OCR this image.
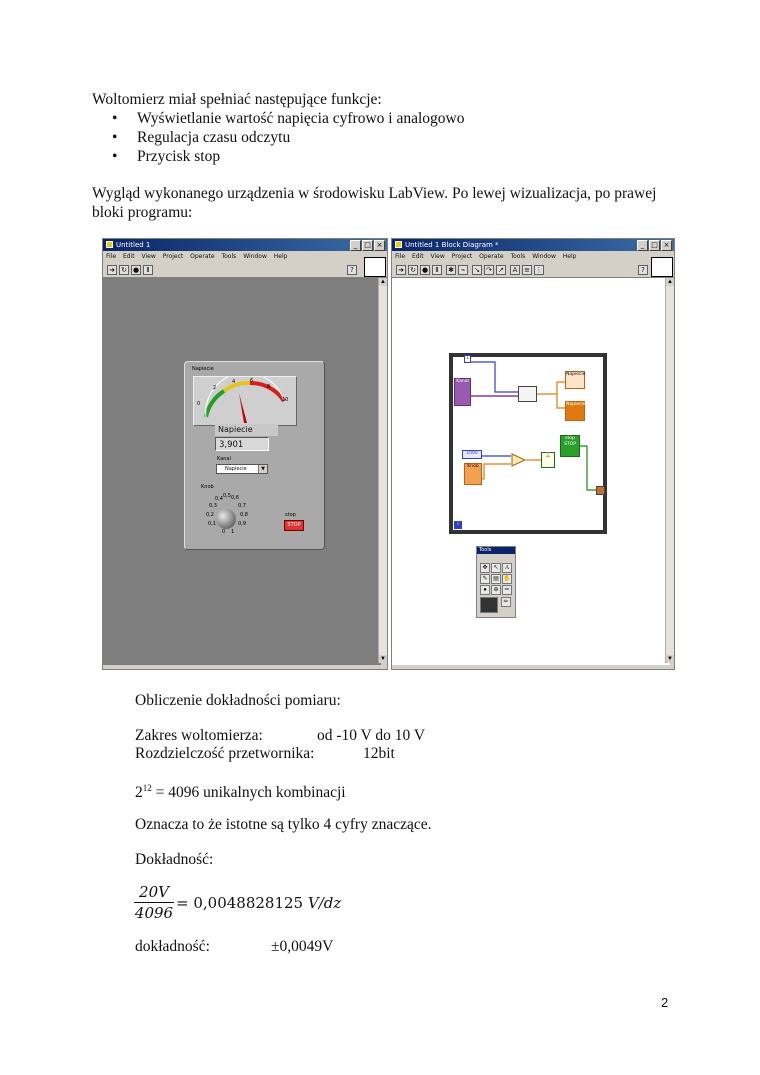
Woltomierz miał spełniać następujące funkcje:
• Wyświetlanie wartość napięcia cyfrowo i analogowo
• Regulacja czasu odczytu
• Przycisk stop
Wygląd wykonanego urządzenia w środowisku LabView. Po lewej wizualizacja, po prawej
bloki programu:
Untitled 1	_ □ ×
File Edit View Project Operate Tools Window Help
➜ ↻ ●	Ⅱ	?
Napiecie
0
2
4	6
8
10
Napiecie
3,901
Kanal
Napiecie	▼
Knob
0
0,1
0,2
0,3
0,4 0,5 0,6
0,7
0,8
0,9
1
stop
STOP
▲
▼
Untitled 1 Block Diagram *	_ □ ×
File Edit View Project Operate Tools Window Help
➜ ↻ ●	Ⅱ	✱ ⌁	↘ ↷ ↗	A ≡ ⋮	?
1
Kanal
Napiecie
Napiecie
stop
STOP
1000
Knob
⌛
i
Tools
✥ ↖	A
✎ ▤ ✋
●	⊕ ✑
✏
▲
▼
Obliczenie dokładności pomiaru:
Zakres woltomierza:	od -10 V do 10 V
Rozdzielczość przetwornika:	12bit
$2^{12} = 4096$ unikalnych kombinacji
Oznacza to że istotne są tylko 4 cyfry znaczące.
Dokładność:
20V
4096
= 0,0048828125 V/dz
dokładność:	±0,0049V
2
